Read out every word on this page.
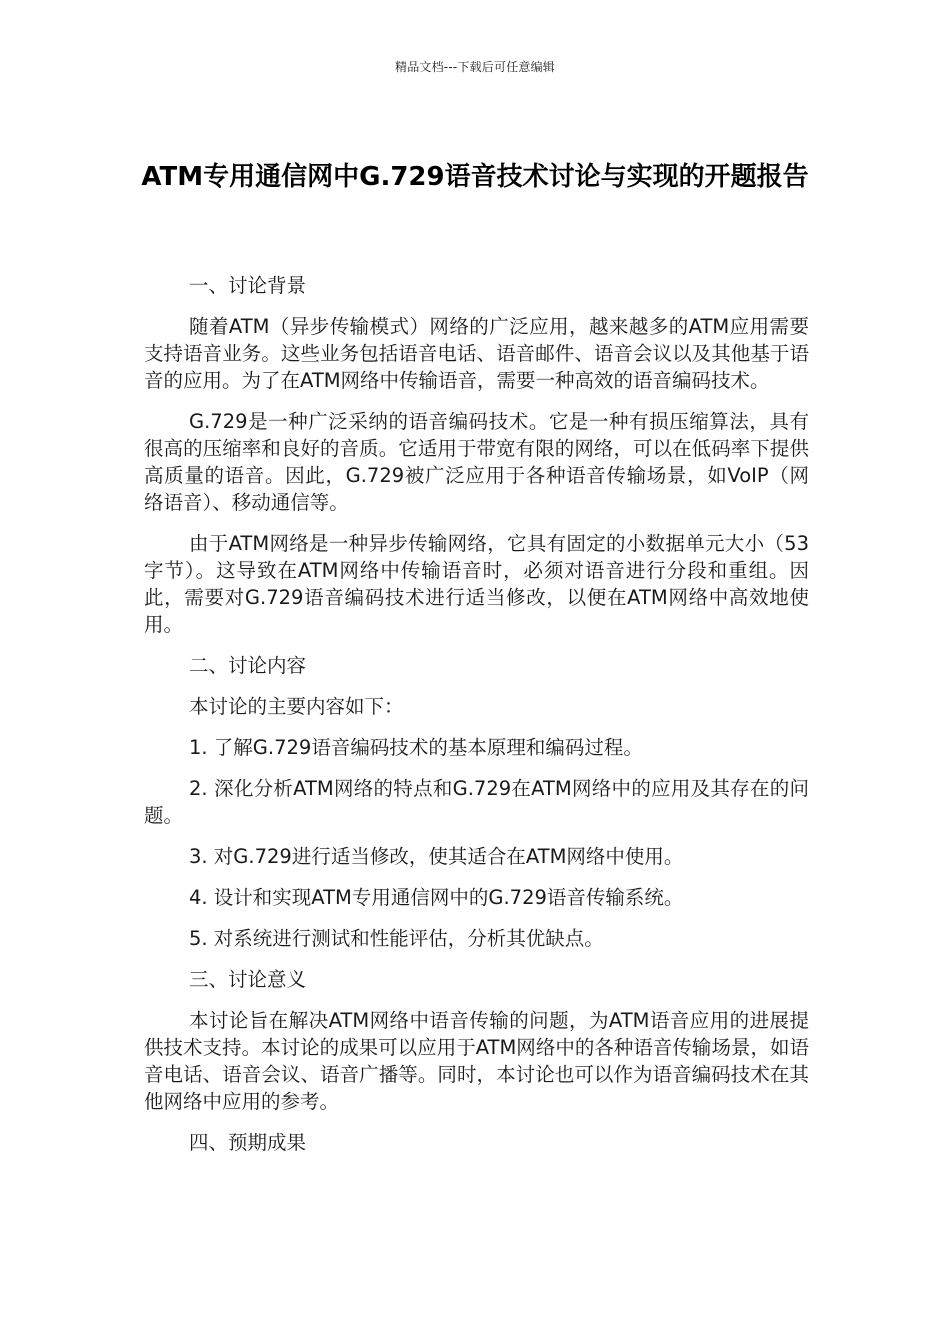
精品文档---下载后可任意编辑
ATM专用通信网中G.729语音技术讨论与实现的开题报告

一、讨论背景

随着ATM（异步传输模式）网络的广泛应用，越来越多的ATM应用需要支持语音业务。这些业务包括语音电话、语音邮件、语音会议以及其他基于语音的应用。为了在ATM网络中传输语音，需要一种高效的语音编码技术。

G.729是一种广泛采纳的语音编码技术。它是一种有损压缩算法，具有很高的压缩率和良好的音质。它适用于带宽有限的网络，可以在低码率下提供高质量的语音。因此，G.729被广泛应用于各种语音传输场景，如VoIP（网络语音）、移动通信等。

由于ATM网络是一种异步传输网络，它具有固定的小数据单元大小（53字节）。这导致在ATM网络中传输语音时，必须对语音进行分段和重组。因此，需要对G.729语音编码技术进行适当修改，以便在ATM网络中高效地使用。

二、讨论内容

本讨论的主要内容如下：

1. 了解G.729语音编码技术的基本原理和编码过程。

2. 深化分析ATM网络的特点和G.729在ATM网络中的应用及其存在的问题。

3. 对G.729进行适当修改，使其适合在ATM网络中使用。

4. 设计和实现ATM专用通信网中的G.729语音传输系统。

5. 对系统进行测试和性能评估，分析其优缺点。

三、讨论意义

本讨论旨在解决ATM网络中语音传输的问题，为ATM语音应用的进展提供技术支持。本讨论的成果可以应用于ATM网络中的各种语音传输场景，如语音电话、语音会议、语音广播等。同时，本讨论也可以作为语音编码技术在其他网络中应用的参考。

四、预期成果
